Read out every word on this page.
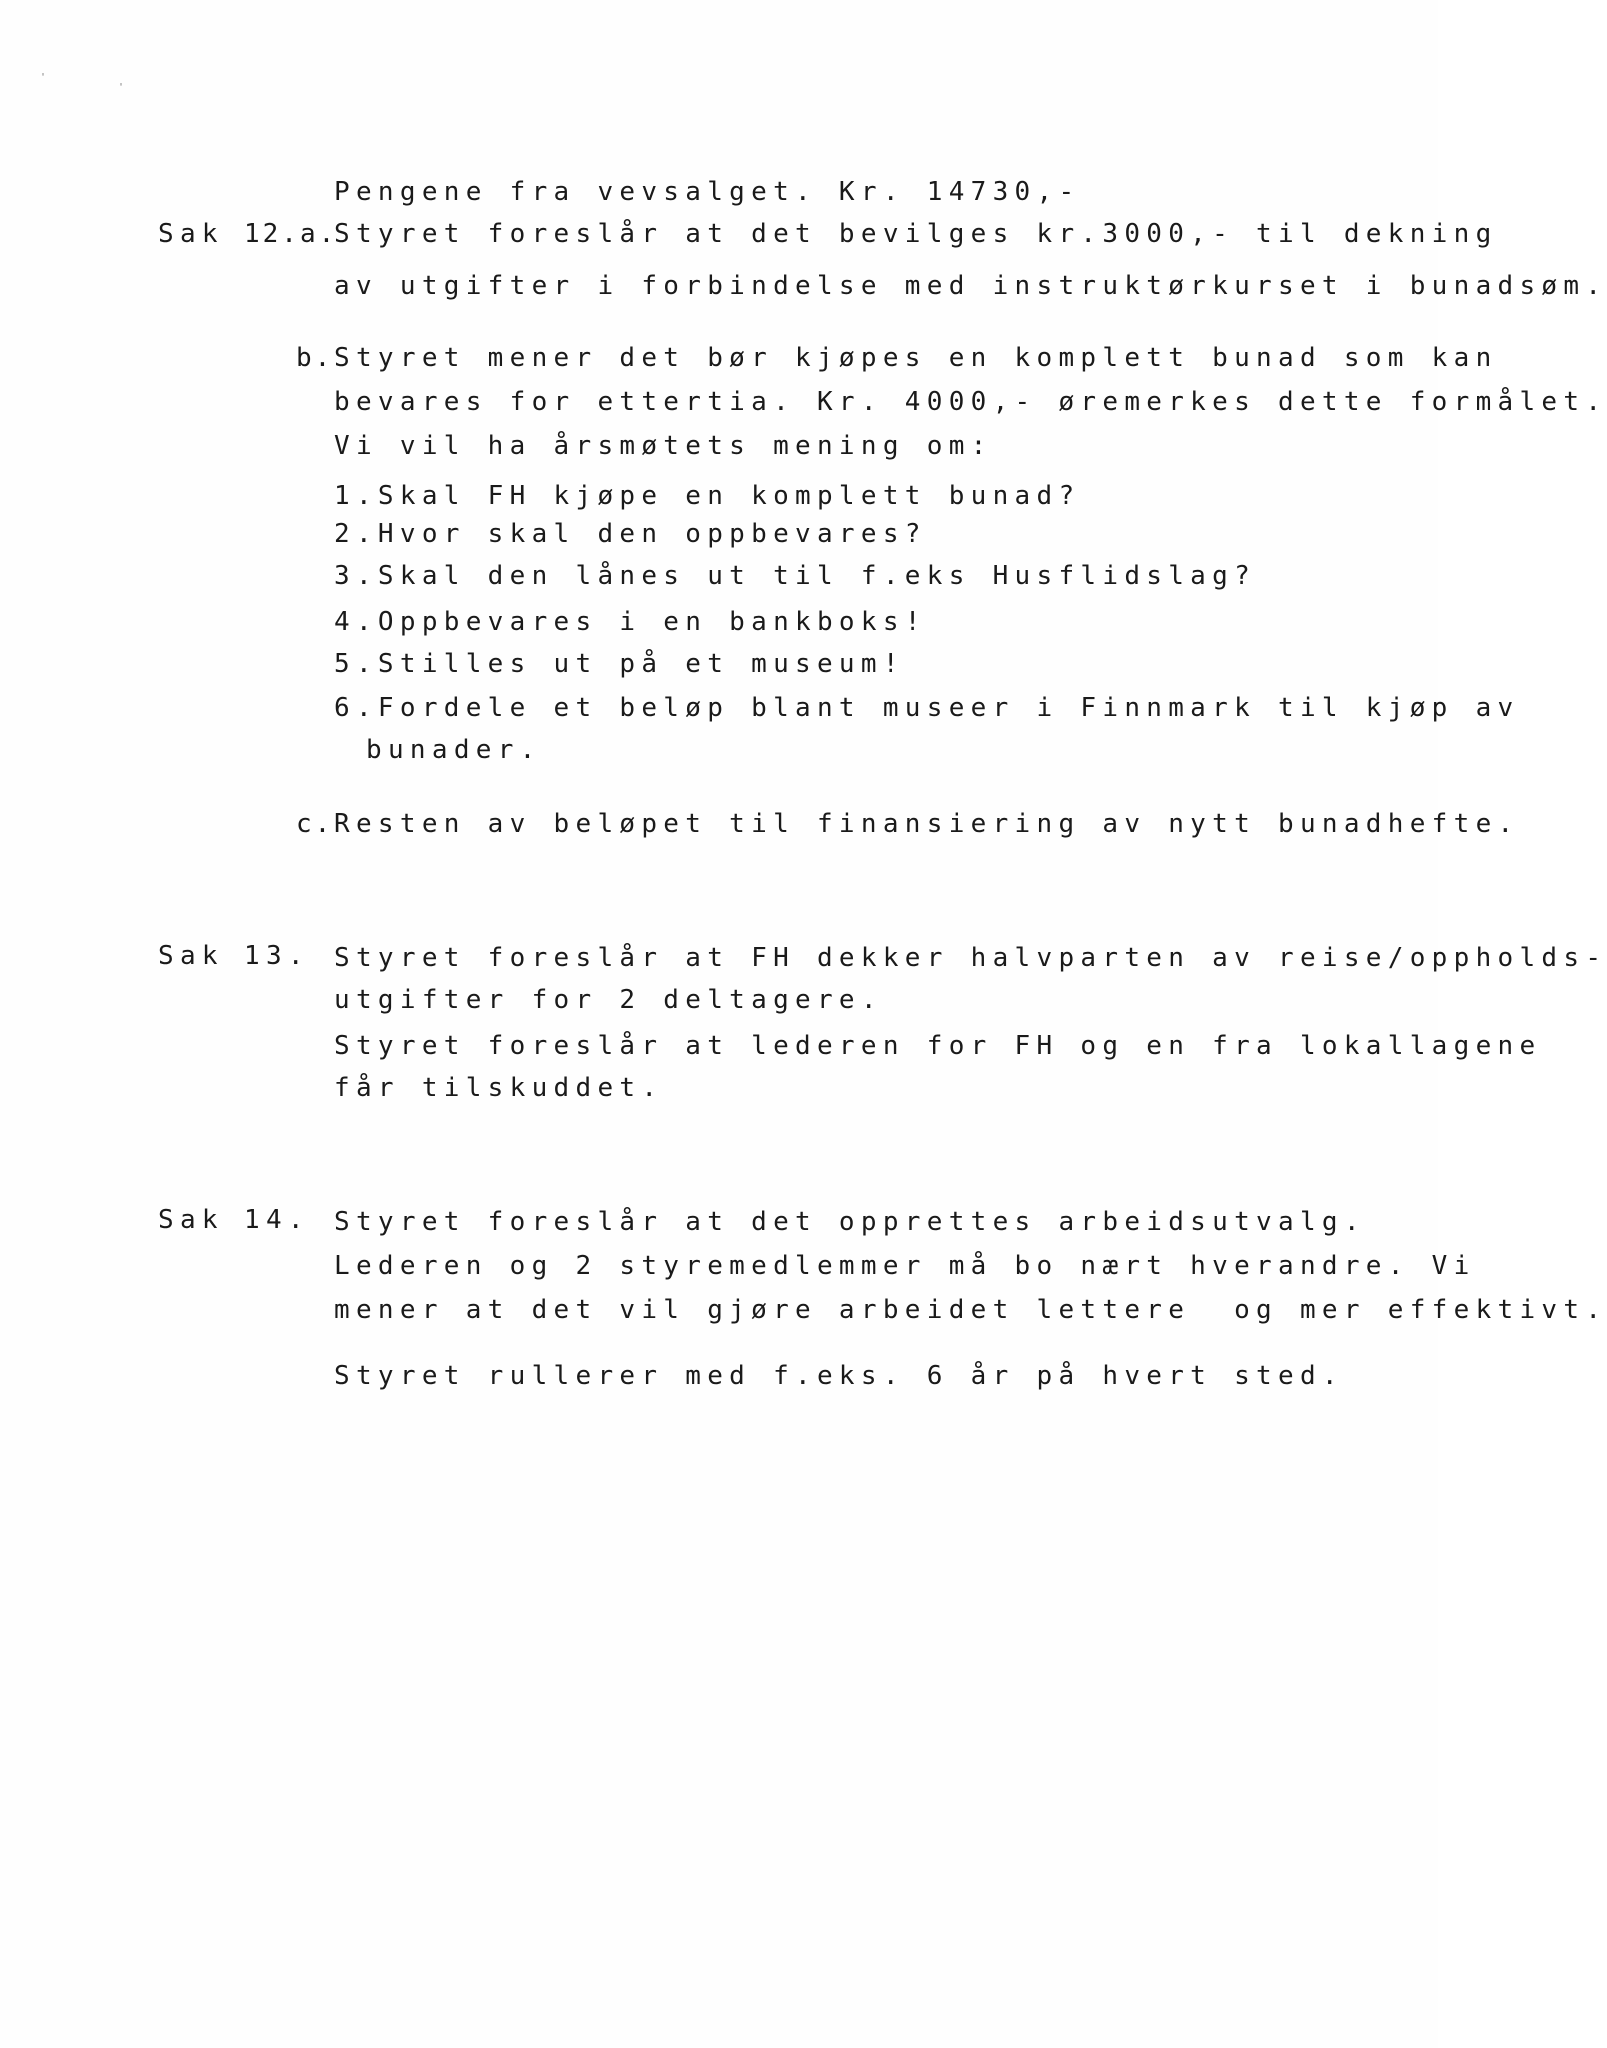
'
'
Pengene fra vevsalget. Kr. 14730,-
Sak 12.a.
Styret foreslår at det bevilges kr.3000,- til dekning
av utgifter i forbindelse med instruktørkurset i bunadsøm.
b. Styret mener det bør kjøpes en komplett bunad som kan
bevares for ettertia. Kr. 4000,- øremerkes dette formålet.
Vi vil ha årsmøtets mening om:
1.Skal FH kjøpe en komplett bunad?
2.Hvor skal den oppbevares?
3.Skal den lånes ut til f.eks Husflidslag?
4.Oppbevares i en bankboks!
5.Stilles ut på et museum!
6.Fordele et beløp blant museer i Finnmark til kjøp av
bunader.
c. Resten av beløpet til finansiering av nytt bunadhefte.
Sak 13. Styret foreslår at FH dekker halvparten av reise/oppholds-
utgifter for 2 deltagere.
Styret foreslår at lederen for FH og en fra lokallagene
får tilskuddet.
Sak 14. Styret foreslår at det opprettes arbeidsutvalg.
Lederen og 2 styremedlemmer må bo nært hverandre. Vi
mener at det vil gjøre arbeidet lettere  og mer effektivt.
Styret rullerer med f.eks. 6 år på hvert sted.
